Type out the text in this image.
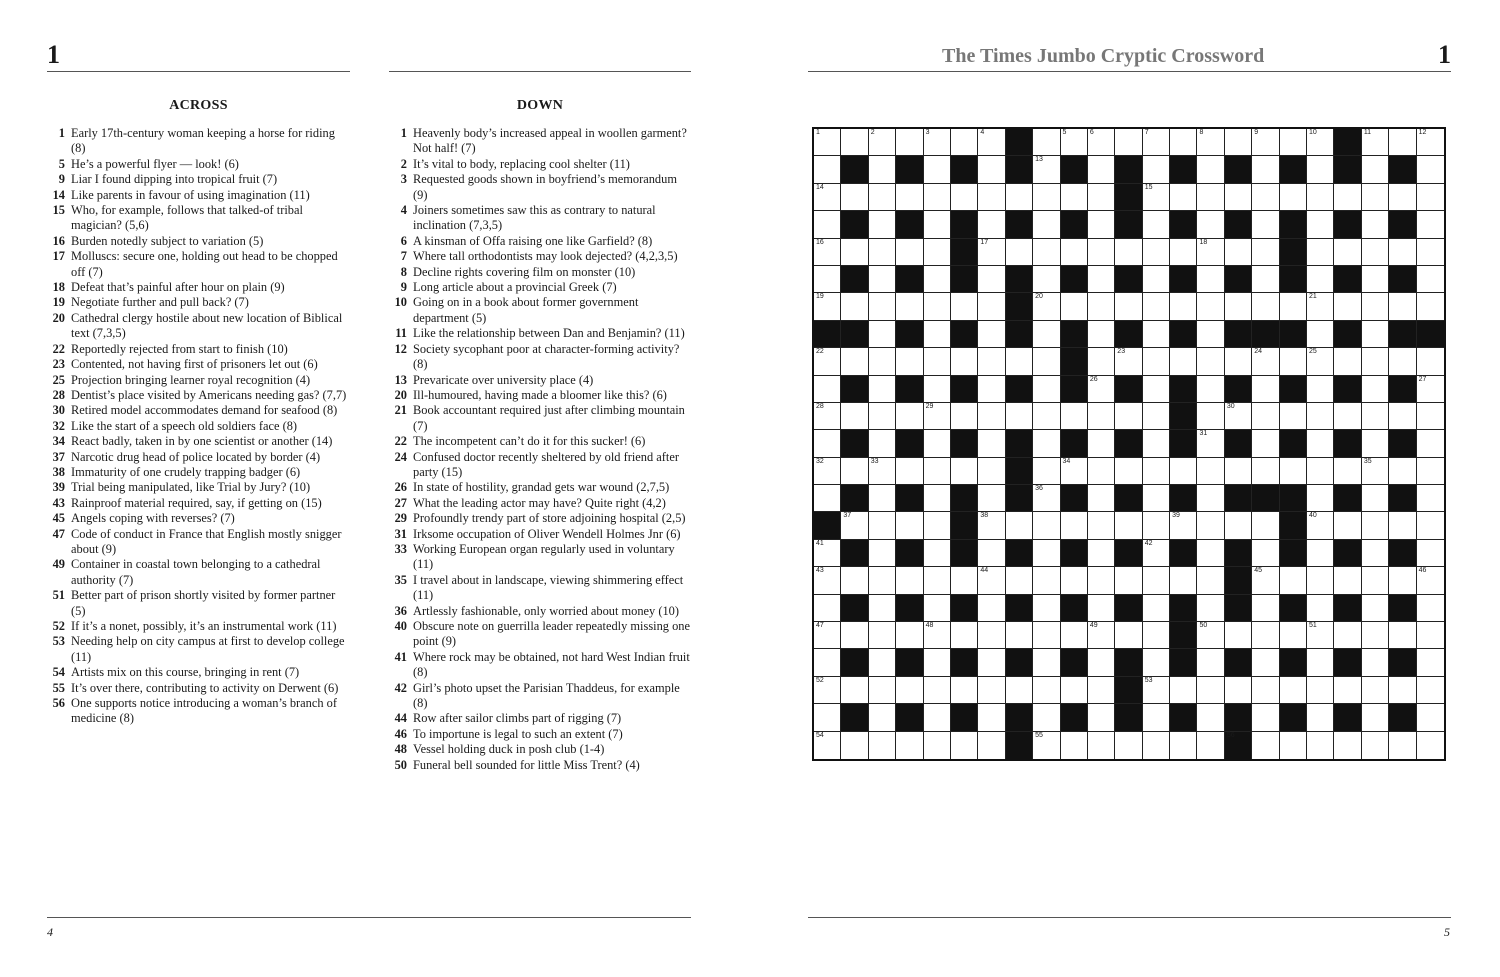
1
ACROSS	DOWN
1 Early 17th-century woman keeping a horse for riding (8)
5 He’s a powerful flyer — look! (6)
9 Liar I found dipping into tropical fruit (7)
14 Like parents in favour of using imagination (11)
15 Who, for example, follows that talked-of tribal magician? (5,6)
16 Burden notedly subject to variation (5)
17 Molluscs: secure one, holding out head to be chopped off (7)
18 Defeat that’s painful after hour on plain (9)
19 Negotiate further and pull back? (7)
20 Cathedral clergy hostile about new location of Biblical text (7,3,5)
22 Reportedly rejected from start to finish (10)
23 Contented, not having first of prisoners let out (6)
25 Projection bringing learner royal recognition (4)
28 Dentist’s place visited by Americans needing gas? (7,7)
30 Retired model accommodates demand for seafood (8)
32 Like the start of a speech old soldiers face (8)
34 React badly, taken in by one scientist or another (14)
37 Narcotic drug head of police located by border (4)
38 Immaturity of one crudely trapping badger (6)
39 Trial being manipulated, like Trial by Jury? (10)
43 Rainproof material required, say, if getting on (15)
45 Angels coping with reverses? (7)
47 Code of conduct in France that English mostly snigger about (9)
49 Container in coastal town belonging to a cathedral authority (7)
51 Better part of prison shortly visited by former partner (5)
52 If it’s a nonet, possibly, it’s an instrumental work (11)
53 Needing help on city campus at first to develop college (11)
54 Artists mix on this course, bringing in rent (7)
55 It’s over there, contributing to activity on Derwent (6)
56 One supports notice introducing a woman’s branch of medicine (8)
1 Heavenly body’s increased appeal in woollen garment? Not half! (7)
2 It’s vital to body, replacing cool shelter (11)
3 Requested goods shown in boyfriend’s memorandum (9)
4 Joiners sometimes saw this as contrary to natural inclination (7,3,5)
6 A kinsman of Offa raising one like Garfield? (8)
7 Where tall orthodontists may look dejected? (4,2,3,5)
8 Decline rights covering film on monster (10)
9 Long article about a provincial Greek (7)
10 Going on in a book about former government department (5)
11 Like the relationship between Dan and Benjamin? (11)
12 Society sycophant poor at character-forming activity? (8)
13 Prevaricate over university place (4)
20 Ill-humoured, having made a bloomer like this? (6)
21 Book accountant required just after climbing mountain (7)
22 The incompetent can’t do it for this sucker! (6)
24 Confused doctor recently sheltered by old friend after party (15)
26 In state of hostility, grandad gets war wound (2,7,5)
27 What the leading actor may have? Quite right (4,2)
29 Profoundly trendy part of store adjoining hospital (2,5)
31 Irksome occupation of Oliver Wendell Holmes Jnr (6)
33 Working European organ regularly used in voluntary (11)
35 I travel about in landscape, viewing shimmering effect (11)
36 Artlessly fashionable, only worried about money (10)
40 Obscure note on guerrilla leader repeatedly missing one point (9)
41 Where rock may be obtained, not hard West Indian fruit (8)
42 Girl’s photo upset the Parisian Thaddeus, for example (8)
44 Row after sailor climbs part of rigging (7)
46 To importune is legal to such an extent (7)
48 Vessel holding duck in posh club (1-4)
50 Funeral bell sounded for little Miss Trent? (4)
4
The Times Jumbo Cryptic Crossword	1
1	2	3	4	5	6	7	8	9	10	11	12
13
14	15
16	17	18
19	20	21
22	23	24	25
26	27
28	29	30
31
32	33	34	35
36
37	38	39	40
41	42
43	44	45	46
47	48	49	50	51
52	53
54	55	56
5
